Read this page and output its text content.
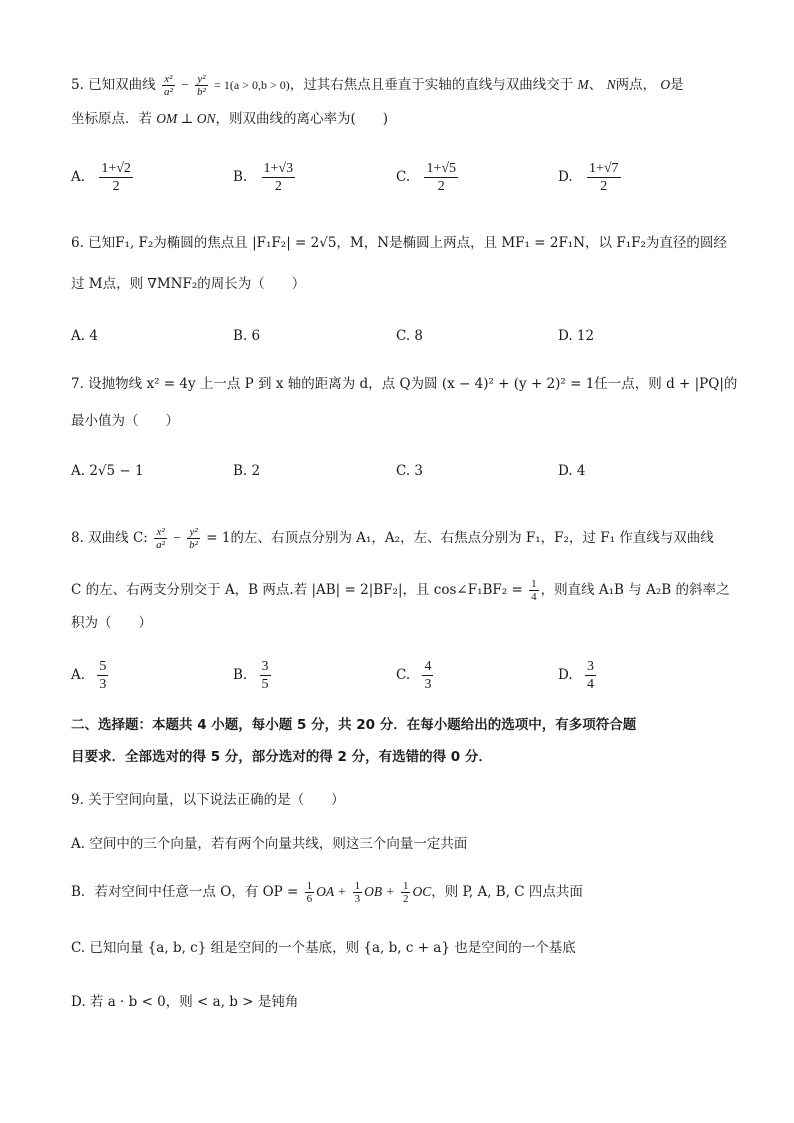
5. 已知双曲线 $\frac{\text{x²}}{\text{a²}} - \frac{\text{y²}}{\text{b²}} = 1(a > 0,b > 0)$，过其右焦点且垂直于实轴的直线与双曲线交于 M、 N两点， O是
坐标原点．若 OM ⊥ ON，则双曲线的离心率为(　　)
A. $\frac{1+√2}{2}$	B. $\frac{1+√3}{2}$	C. $\frac{1+√5}{2}$	D. $\frac{1+√7}{2}$
6. 已知F₁, F₂为椭圆的焦点且 |F₁F₂| = 2√5，M，N是椭圆上两点，且 MF₁ = 2F₁N，以 F₁F₂为直径的圆经
过 M点，则 ∇MNF₂的周长为（　　）
A. 4	B. 6	C. 8	D. 12
7. 设抛物线 x² = 4y 上一点 P 到 x 轴的距离为 d，点 Q为圆 (x − 4)² + (y + 2)² = 1任一点，则 d + |PQ|的
最小值为（　　）
A. 2√5 − 1	B. 2	C. 3	D. 4
8. 双曲线 C: $\frac{\text{x²}}{\text{a²}} - \frac{\text{y²}}{\text{b²}} = 1$的左、右顶点分别为 A₁，A₂，左、右焦点分别为 F₁，F₂，过 F₁ 作直线与双曲线
C 的左、右两支分别交于 A，B 两点.若 |AB| = 2|BF₂|，且 cos∠F₁BF₂ = $\frac{1}{4}$ ，则直线 A₁B 与 A₂B 的斜率之
积为（　　）
A. $\frac{5}{3}$	B. $\frac{3}{5}$	C. $\frac{4}{3}$	D. $\frac{3}{4}$
二、选择题：本题共 4 小题，每小题 5 分，共 20 分．在每小题给出的选项中，有多项符合题
目要求．全部选对的得 5 分，部分选对的得 2 分，有选错的得 0 分．
9. 关于空间向量，以下说法正确的是（　　）
A. 空间中的三个向量，若有两个向量共线，则这三个向量一定共面
B．若对空间中任意一点 O，有 OP = $\frac{1}{6}$ OA + $\frac{1}{3}$ OB + $\frac{1}{2}$ OC，则 P, A, B, C 四点共面
C. 已知向量 {a, b, c} 组是空间的一个基底，则 {a, b, c + a} 也是空间的一个基底
D. 若 a · b < 0，则 < a, b > 是钝角
